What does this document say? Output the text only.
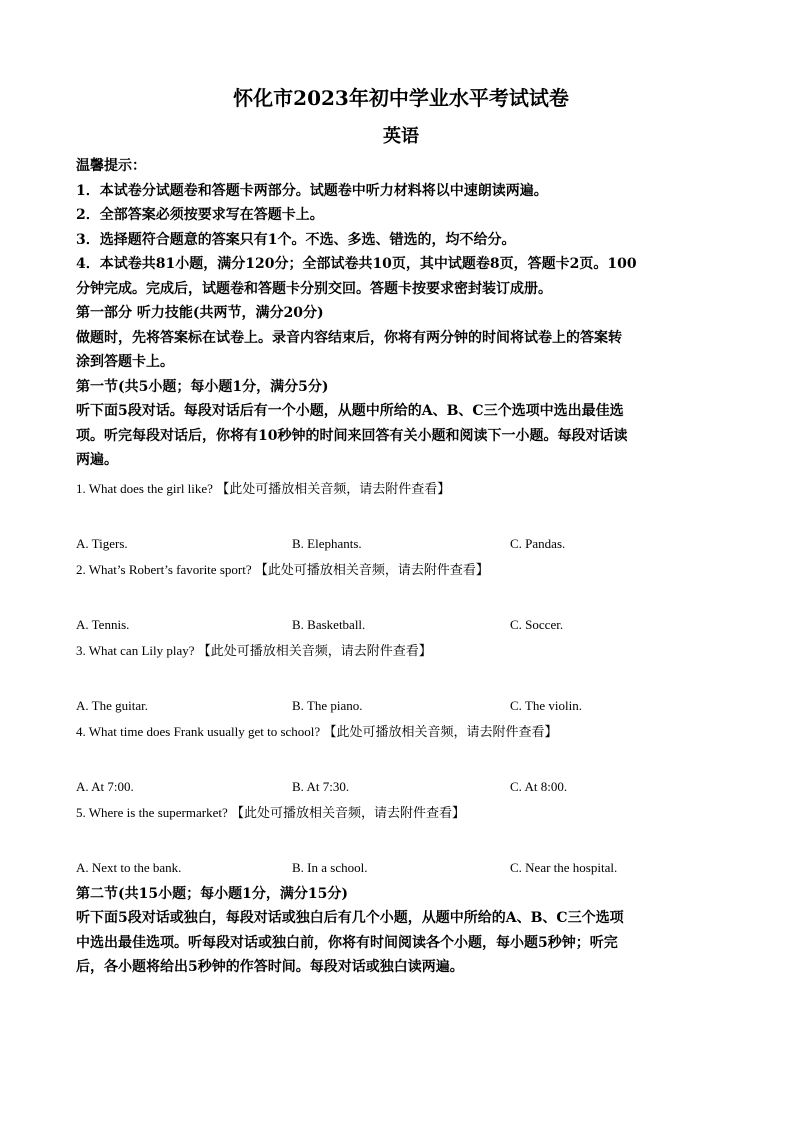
怀化市2023年初中学业水平考试试卷
英语

温馨提示：

1．本试卷分试题卷和答题卡两部分。试题卷中听力材料将以中速朗读两遍。

2．全部答案必须按要求写在答题卡上。

3．选择题符合题意的答案只有1个。不选、多选、错选的，均不给分。

4．本试卷共81小题，满分120分；全部试卷共10页，其中试题卷8页，答题卡2页。100

分钟完成。完成后，试题卷和答题卡分别交回。答题卡按要求密封装订成册。

第一部分 听力技能(共两节，满分20分)

做题时，先将答案标在试卷上。录音内容结束后，你将有两分钟的时间将试卷上的答案转

涂到答题卡上。

第一节(共5小题；每小题1分，满分5分)

听下面5段对话。每段对话后有一个小题，从题中所给的A、B、C三个选项中选出最佳选

项。听完每段对话后，你将有10秒钟的时间来回答有关小题和阅读下一小题。每段对话读

两遍。

1. What does the girl like? 【此处可播放相关音频，请去附件查看】

A. Tigers.	B. Elephants.	C. Pandas.

2. What’s Robert’s favorite sport? 【此处可播放相关音频，请去附件查看】

A. Tennis.	B. Basketball.	C. Soccer.

3. What can Lily play? 【此处可播放相关音频，请去附件查看】

A. The guitar.	B. The piano.	C. The violin.

4. What time does Frank usually get to school? 【此处可播放相关音频，请去附件查看】

A. At 7:00.	B. At 7:30.	C. At 8:00.

5. Where is the supermarket? 【此处可播放相关音频，请去附件查看】

A. Next to the bank.	B. In a school.	C. Near the hospital.

第二节(共15小题；每小题1分，满分15分)

听下面5段对话或独白，每段对话或独白后有几个小题，从题中所给的A、B、C三个选项

中选出最佳选项。听每段对话或独白前，你将有时间阅读各个小题，每小题5秒钟；听完

后，各小题将给出5秒钟的作答时间。每段对话或独白读两遍。
